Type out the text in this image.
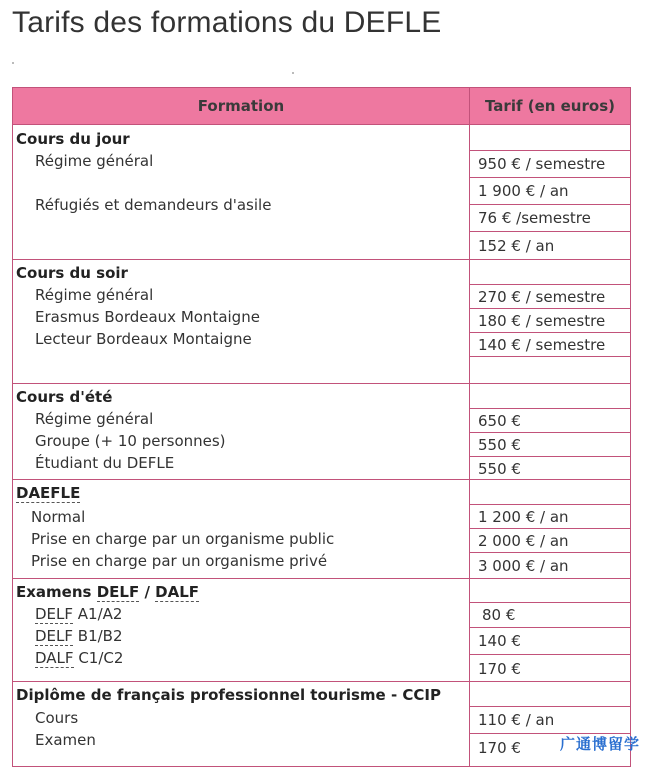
Tarifs des formations du DEFLE
Formation	Tarif (en euros)
Cours du jour
Régime général
Réfugiés et demandeurs d'asile
950 € / semestre
1 900 € / an
76 € /semestre
152 € / an
Cours du soir
Régime général
Erasmus Bordeaux Montaigne
Lecteur Bordeaux Montaigne
270 € / semestre
180 € / semestre
140 € / semestre
Cours d'été
Régime général
Groupe (+ 10 personnes)
Étudiant du DEFLE
650 €
550 €
550 €
DAEFLE
Normal
Prise en charge par un organisme public
Prise en charge par un organisme privé
1 200 € / an
2 000 € / an
3 000 € / an
Examens DELF / DALF
DELF A1/A2
DELF B1/B2
DALF C1/C2
80 €
140 €
170 €
Diplôme de français professionnel tourisme - CCIP
Cours
Examen
110 € / an
170 €	广通博留学
